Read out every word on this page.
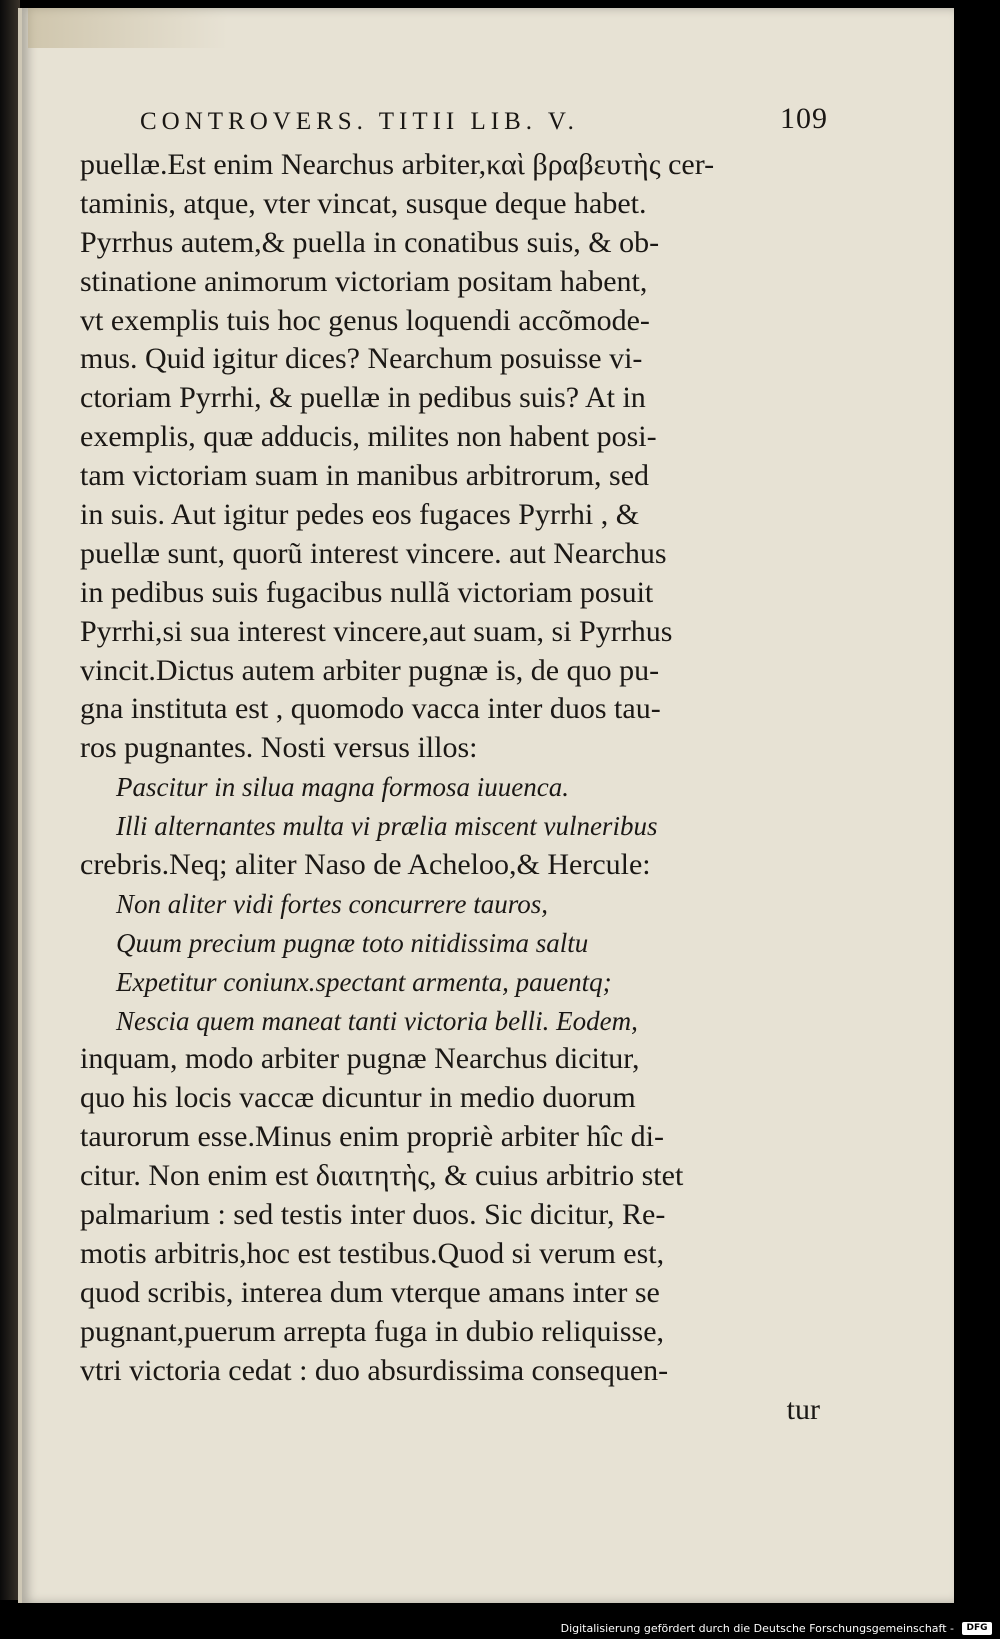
CONTROVERS. TITII LIB. V.	109
puellæ.Est enim Nearchus arbiter,καὶ βραβευτὴς cer-
taminis, atque, vter vincat, susque deque habet.
Pyrrhus autem,& puella in conatibus suis, & ob-
stinatione animorum victoriam positam habent,
vt exemplis tuis hoc genus loquendi accõmode-
mus. Quid igitur dices? Nearchum posuisse vi-
ctoriam Pyrrhi, & puellæ in pedibus suis? At in
exemplis, quæ adducis, milites non habent posi-
tam victoriam suam in manibus arbitrorum, sed
in suis. Aut igitur pedes eos fugaces Pyrrhi , &
puellæ sunt, quorũ interest vincere. aut Nearchus
in pedibus suis fugacibus nullã victoriam posuit
Pyrrhi,si sua interest vincere,aut suam, si Pyrrhus
vincit.Dictus autem arbiter pugnæ is, de quo pu-
gna instituta est , quomodo vacca inter duos tau-
ros pugnantes. Nosti versus illos:
Pascitur in silua magna formosa iuuenca.
Illi alternantes multa vi prælia miscent vulneribus
crebris.Neq; aliter Naso de Acheloo,& Hercule:
Non aliter vidi fortes concurrere tauros,
Quum precium pugnæ toto nitidissima saltu
Expetitur coniunx.spectant armenta, pauentq;
Nescia quem maneat tanti victoria belli. Eodem,
inquam, modo arbiter pugnæ Nearchus dicitur,
quo his locis vaccæ dicuntur in medio duorum
taurorum esse.Minus enim propriè arbiter hîc di-
citur. Non enim est διαιτητὴς, & cuius arbitrio stet
palmarium : sed testis inter duos. Sic dicitur, Re-
motis arbitris,hoc est testibus.Quod si verum est,
quod scribis, interea dum vterque amans inter se
pugnant,puerum arrepta fuga in dubio reliquisse,
vtri victoria cedat : duo absurdissima consequen-
tur
Digitalisierung gefördert durch die Deutsche Forschungsgemeinschaft -	DFG
